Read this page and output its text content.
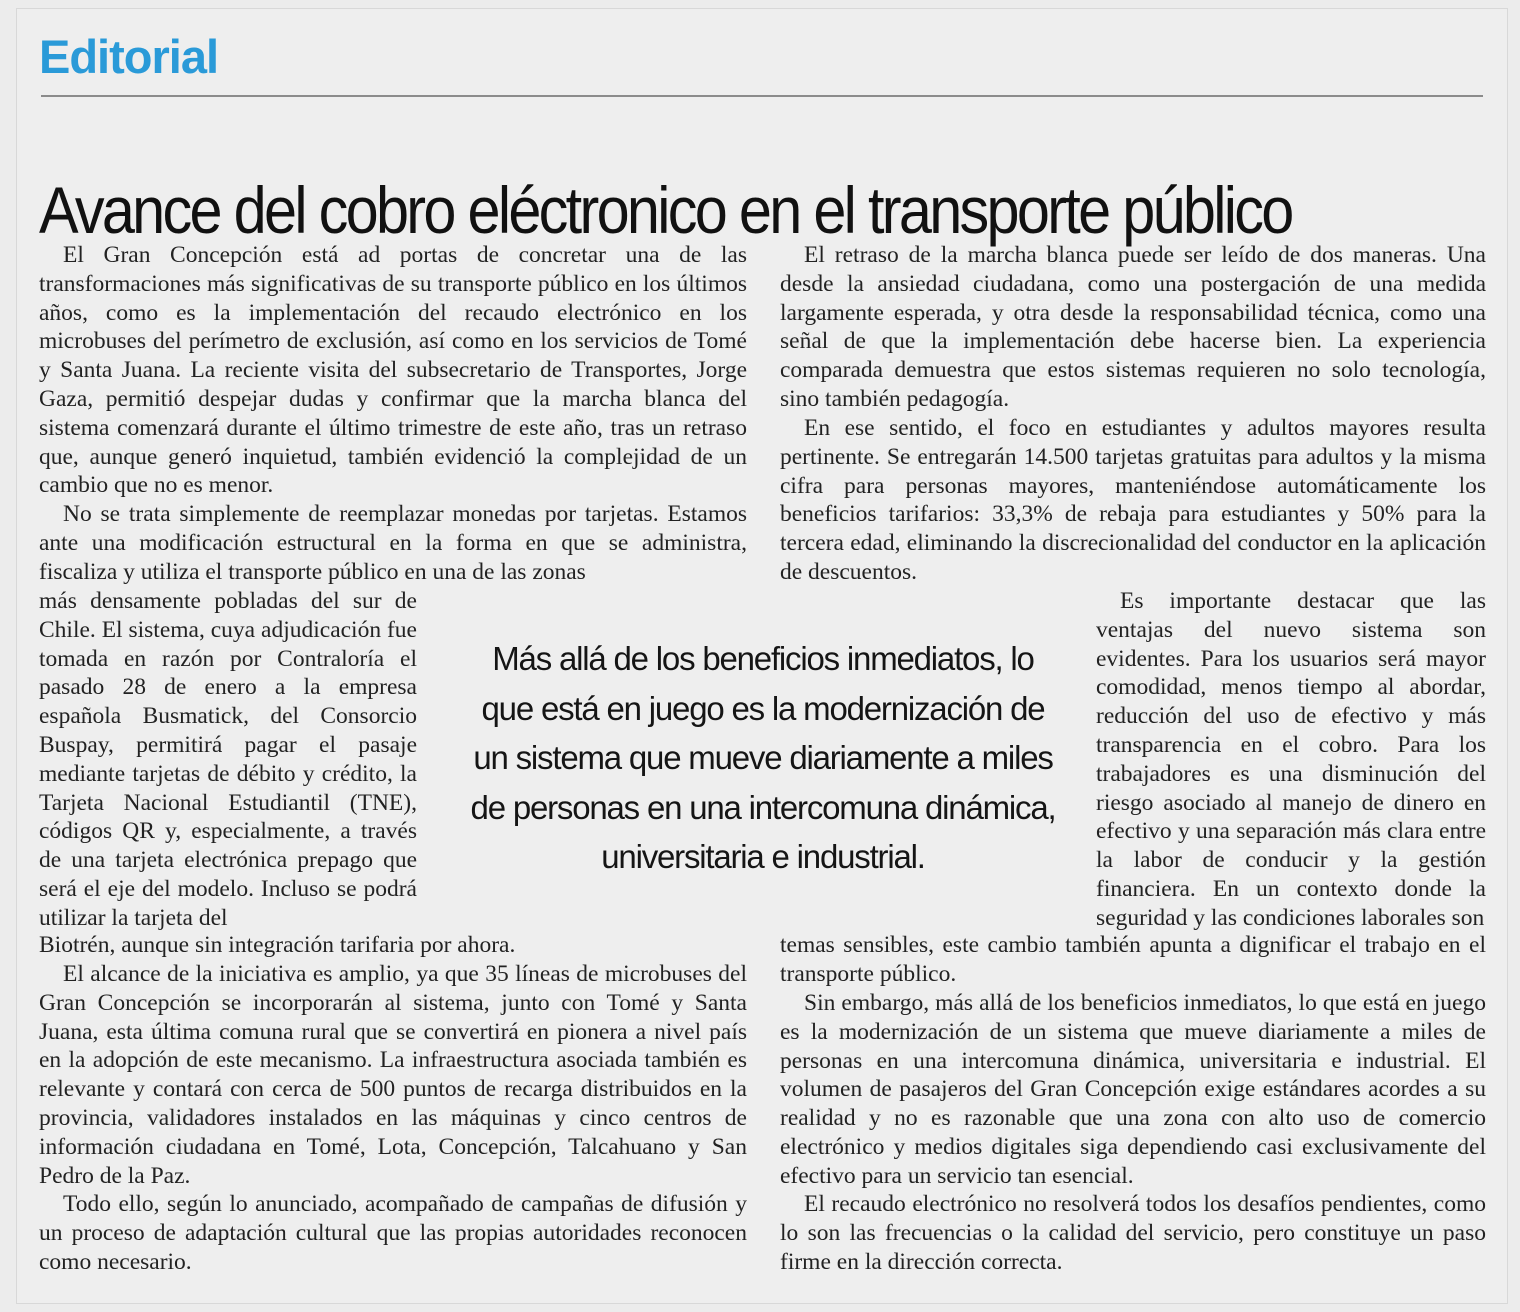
Editorial
Avance del cobro eléctronico en el transporte público

El Gran Concepción está ad portas de concretar una de las transformaciones más significativas de su transporte público en los últimos años, como es la implementación del recaudo electrónico en los microbuses del perímetro de exclusión, así como en los servicios de Tomé y Santa Juana. La reciente visita del subsecretario de Transportes, Jorge Gaza, permitió despejar dudas y confirmar que la marcha blanca del sistema comenzará durante el último trimestre de este año, tras un retraso que, aunque generó inquietud, también evidenció la complejidad de un cambio que no es menor.

No se trata simplemente de reemplazar monedas por tarjetas. Estamos ante una modificación estructural en la forma en que se administra, fiscaliza y utiliza el transporte público en una de las zonas

más densamente pobladas del sur de Chile. El sistema, cuya adjudicación fue tomada en razón por Contraloría el pasado 28 de enero a la empresa española Busmatick, del Consorcio Buspay, permitirá pagar el pasaje mediante tarjetas de débito y crédito, la Tarjeta Nacional Estudiantil (TNE), códigos QR y, especialmente, a través de una tarjeta electrónica prepago que será el eje del modelo. Incluso se podrá utilizar la tarjeta del

Biotrén, aunque sin integración tarifaria por ahora.

El alcance de la iniciativa es amplio, ya que 35 líneas de microbuses del Gran Concepción se incorporarán al sistema, junto con Tomé y Santa Juana, esta última comuna rural que se convertirá en pionera a nivel país en la adopción de este mecanismo. La infraestructura asociada también es relevante y contará con cerca de 500 puntos de recarga distribuidos en la provincia, validadores instalados en las máquinas y cinco centros de información ciudadana en Tomé, Lota, Concepción, Talcahuano y San Pedro de la Paz.

Todo ello, según lo anunciado, acompañado de campañas de difusión y un proceso de adaptación cultural que las propias autoridades reconocen como necesario.

Más allá de los beneficios inmediatos, lo que está en juego es la modernización de un sistema que mueve diariamente a miles de personas en una intercomuna dinámica, universitaria e industrial.

El retraso de la marcha blanca puede ser leído de dos maneras. Una desde la ansiedad ciudadana, como una postergación de una medida largamente esperada, y otra desde la responsabilidad técnica, como una señal de que la implementación debe hacerse bien. La experiencia comparada demuestra que estos sistemas requieren no solo tecnología, sino también pedagogía.

En ese sentido, el foco en estudiantes y adultos mayores resulta pertinente. Se entregarán 14.500 tarjetas gratuitas para adultos y la misma cifra para personas mayores, manteniéndose automáticamente los beneficios tarifarios: 33,3% de rebaja para estudiantes y 50% para la tercera edad, eliminando la discrecionalidad del conductor en la aplicación de descuentos.

Es importante destacar que las ventajas del nuevo sistema son evidentes. Para los usuarios será mayor comodidad, menos tiempo al abordar, reducción del uso de efectivo y más transparencia en el cobro. Para los trabajadores es una disminución del riesgo asociado al manejo de dinero en efectivo y una separación más clara entre la labor de conducir y la gestión financiera. En un contexto donde la seguridad y las condiciones laborales son

temas sensibles, este cambio también apunta a dignificar el trabajo en el transporte público.

Sin embargo, más allá de los beneficios inmediatos, lo que está en juego es la modernización de un sistema que mueve diariamente a miles de personas en una intercomuna dinámica, universitaria e industrial. El volumen de pasajeros del Gran Concepción exige estándares acordes a su realidad y no es razonable que una zona con alto uso de comercio electrónico y medios digitales siga dependiendo casi exclusivamente del efectivo para un servicio tan esencial.

El recaudo electrónico no resolverá todos los desafíos pendientes, como lo son las frecuencias o la calidad del servicio, pero constituye un paso firme en la dirección correcta.
